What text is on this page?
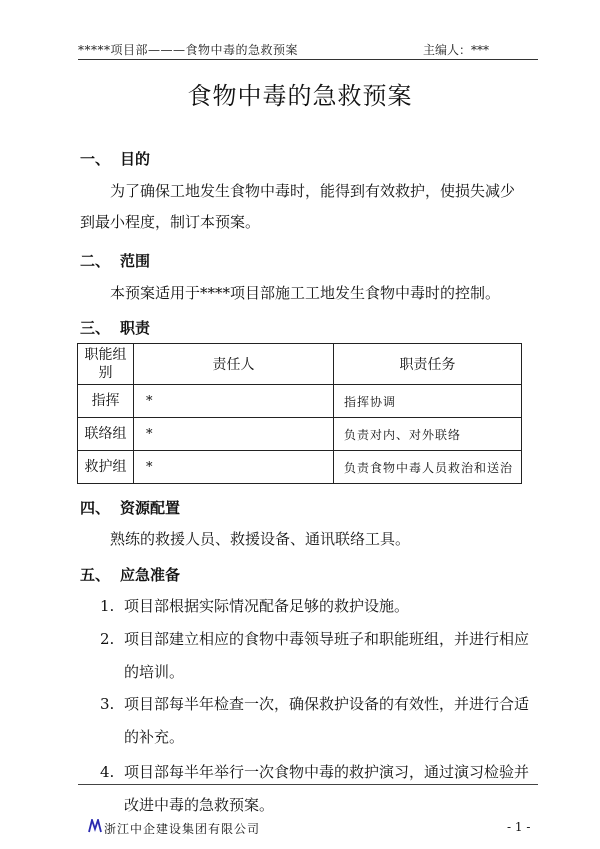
*****项目部———食物中毒的急救预案	主编人：***
食物中毒的急救预案
一、 目的
为了确保工地发生食物中毒时，能得到有效救护，使损失减少到最小程度，制订本预案。
二、 范围
本预案适用于****项目部施工工地发生食物中毒时的控制。
三、 职责
职能组别	责任人	职责任务
指挥	*	指挥协调
联络组	*	负责对内、对外联络
救护组	*	负责食物中毒人员救治和送治
四、 资源配置
熟练的救援人员、救援设备、通讯联络工具。
五、 应急准备
1. 项目部根据实际情况配备足够的救护设施。
2. 项目部建立相应的食物中毒领导班子和职能班组，并进行相应的培训。
3. 项目部每半年检查一次，确保救护设备的有效性，并进行合适的补充。
4. 项目部每半年举行一次食物中毒的救护演习，通过演习检验并改进中毒的急救预案。
浙江中企建设集团有限公司	- 1 -
